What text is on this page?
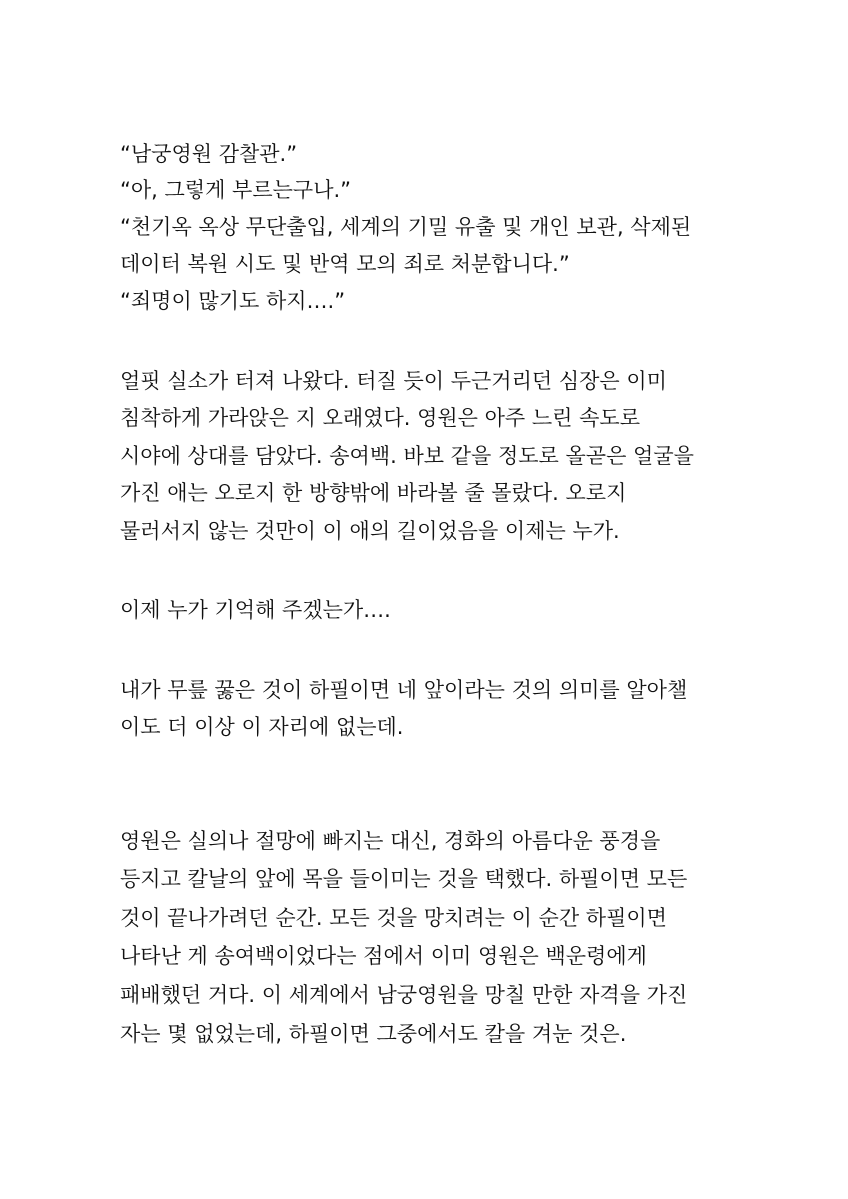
“남궁영원 감찰관.”
“아, 그렇게 부르는구나.”
“천기옥 옥상 무단출입, 세계의 기밀 유출 및 개인 보관, 삭제된
데이터 복원 시도 및 반역 모의 죄로 처분합니다.”
“죄명이 많기도 하지….”
얼핏 실소가 터져 나왔다. 터질 듯이 두근거리던 심장은 이미
침착하게 가라앉은 지 오래였다. 영원은 아주 느린 속도로
시야에 상대를 담았다. 송여백. 바보 같을 정도로 올곧은 얼굴을
가진 애는 오로지 한 방향밖에 바라볼 줄 몰랐다. 오로지
물러서지 않는 것만이 이 애의 길이었음을 이제는 누가.
이제 누가 기억해 주겠는가….
내가 무릎 꿇은 것이 하필이면 네 앞이라는 것의 의미를 알아챌
이도 더 이상 이 자리에 없는데.
영원은 실의나 절망에 빠지는 대신, 경화의 아름다운 풍경을
등지고 칼날의 앞에 목을 들이미는 것을 택했다. 하필이면 모든
것이 끝나가려던 순간. 모든 것을 망치려는 이 순간 하필이면
나타난 게 송여백이었다는 점에서 이미 영원은 백운령에게
패배했던 거다. 이 세계에서 남궁영원을 망칠 만한 자격을 가진
자는 몇 없었는데, 하필이면 그중에서도 칼을 겨눈 것은.
